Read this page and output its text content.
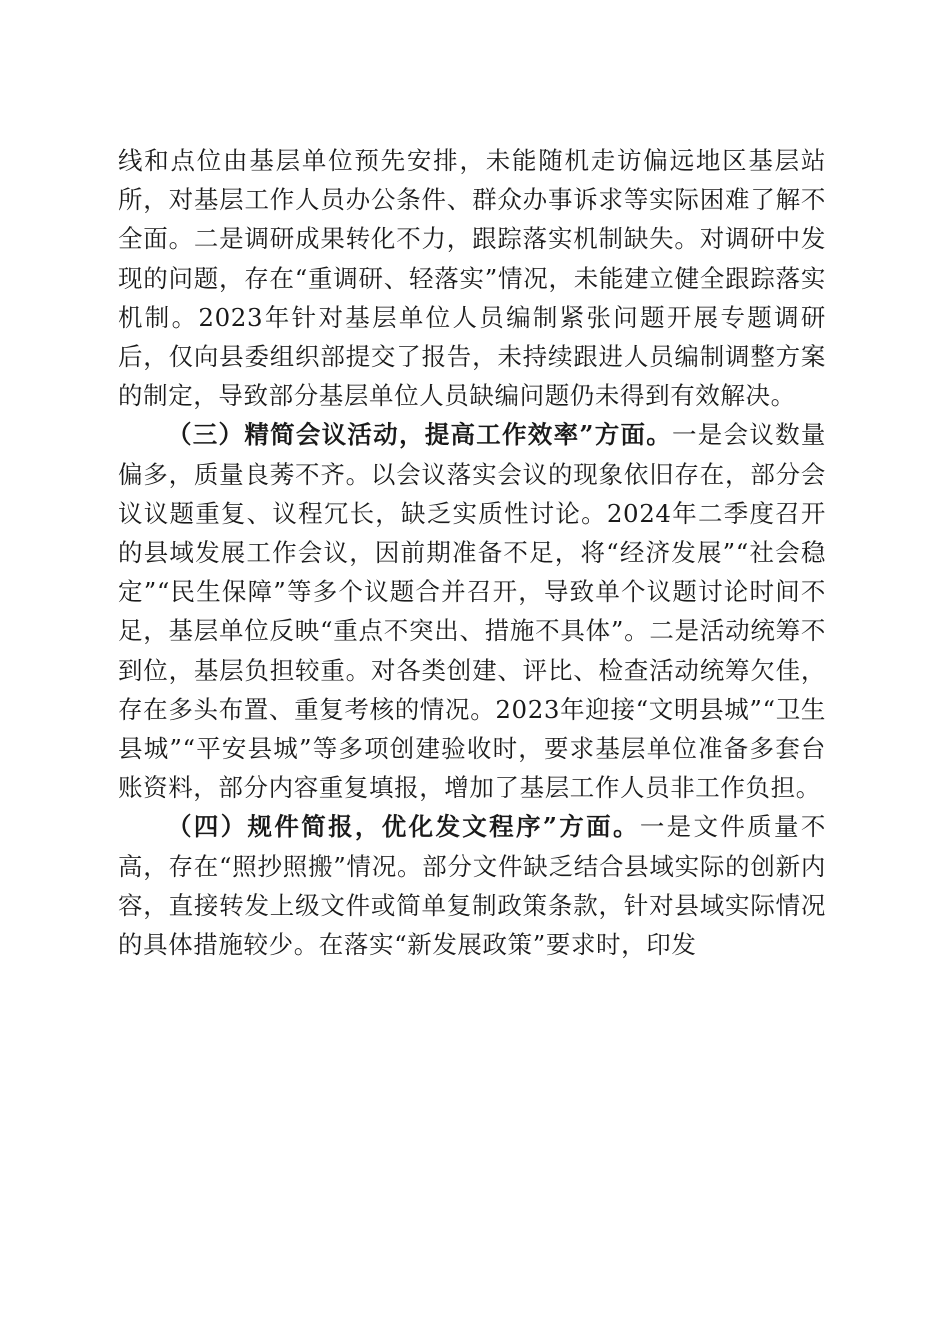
线和点位由基层单位预先安排，未能随机走访偏远地区基层站所，对基层工作人员办公条件、群众办事诉求等实际困难了解不全面。二是调研成果转化不力，跟踪落实机制缺失。对调研中发现的问题，存在“重调研、轻落实”情况，未能建立健全跟踪落实机制。2023年针对基层单位人员编制紧张问题开展专题调研后，仅向县委组织部提交了报告，未持续跟进人员编制调整方案的制定，导致部分基层单位人员缺编问题仍未得到有效解决。

（三）精简会议活动，提高工作效率”方面。一是会议数量偏多，质量良莠不齐。以会议落实会议的现象依旧存在，部分会议议题重复、议程冗长，缺乏实质性讨论。2024年二季度召开的县域发展工作会议，因前期准备不足，将“经济发展”“社会稳定”“民生保障”等多个议题合并召开，导致单个议题讨论时间不足，基层单位反映“重点不突出、措施不具体”。二是活动统筹不到位，基层负担较重。对各类创建、评比、检查活动统筹欠佳，存在多头布置、重复考核的情况。2023年迎接“文明县城”“卫生县城”“平安县城”等多项创建验收时，要求基层单位准备多套台账资料，部分内容重复填报，增加了基层工作人员非工作负担。

（四）规件简报，优化发文程序”方面。一是文件质量不高，存在“照抄照搬”情况。部分文件缺乏结合县域实际的创新内容，直接转发上级文件或简单复制政策条款，针对县域实际情况的具体措施较少。在落实“新发展政策”要求时，印发
